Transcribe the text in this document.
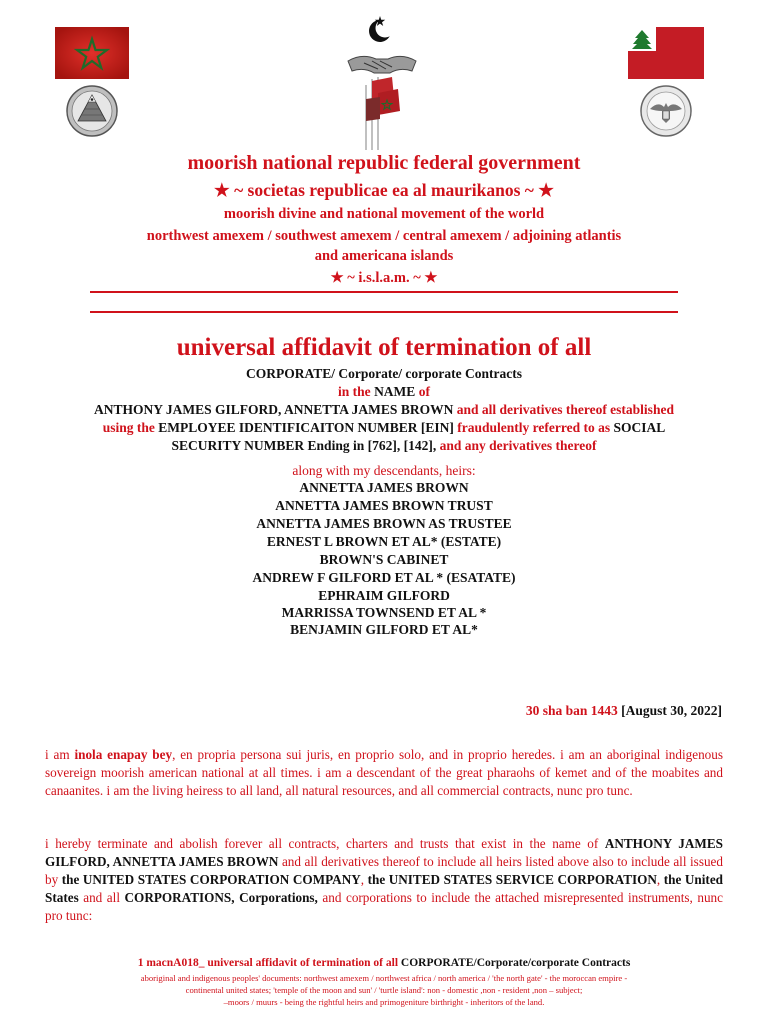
moorish national republic federal government
★ ~ societas republicae ea al maurikanos ~ ★
moorish divine and national movement of the world
northwest amexem / southwest amexem / central amexem / adjoining atlantis
and americana islands
★ ~ i.s.l.a.m. ~ ★
universal affidavit of termination of all
CORPORATE/ Corporate/ corporate Contracts
in the NAME of
ANTHONY JAMES GILFORD, ANNETTA JAMES BROWN and all derivatives thereof established
using the EMPLOYEE IDENTIFICAITON NUMBER [EIN] fraudulently referred to as SOCIAL
SECURITY NUMBER Ending in [762], [142], and any derivatives thereof
along with my descendants, heirs:
ANNETTA JAMES BROWN
ANNETTA JAMES BROWN TRUST
ANNETTA JAMES BROWN AS TRUSTEE
ERNEST L BROWN ET AL* (ESTATE)
BROWN'S CABINET
ANDREW F GILFORD ET AL * (ESATATE)
EPHRAIM GILFORD
MARRISSA TOWNSEND ET AL *
BENJAMIN GILFORD ET AL*
30 sha ban 1443 [August 30, 2022]
i am inola enapay bey, en propria persona sui juris, en proprio solo, and in proprio heredes. i am an aboriginal indigenous sovereign moorish american national at all times. i am a descendant of the great pharaohs of kemet and of the moabites and canaanites. i am the living heiress to all land, all natural resources, and all commercial contracts, nunc pro tunc.
i hereby terminate and abolish forever all contracts, charters and trusts that exist in the name of ANTHONY JAMES GILFORD, ANNETTA JAMES BROWN and all derivatives thereof to include all heirs listed above also to include all issued by the UNITED STATES CORPORATION COMPANY, the UNITED STATES SERVICE CORPORATION, the United States and all CORPORATIONS, Corporations, and corporations to include the attached misrepresented instruments, nunc pro tunc:
1 macnA018_ universal affidavit of termination of all CORPORATE/Corporate/corporate Contracts
aboriginal and indigenous peoples' documents: northwest amexem / northwest africa / north america / 'the north gate' - the moroccan empire -
continental united states; 'temple of the moon and sun' / 'turtle island': non - domestic ,non - resident ,non – subject;
–moors / muurs - being the rightful heirs and primogeniture birthright - inheritors of the land.
